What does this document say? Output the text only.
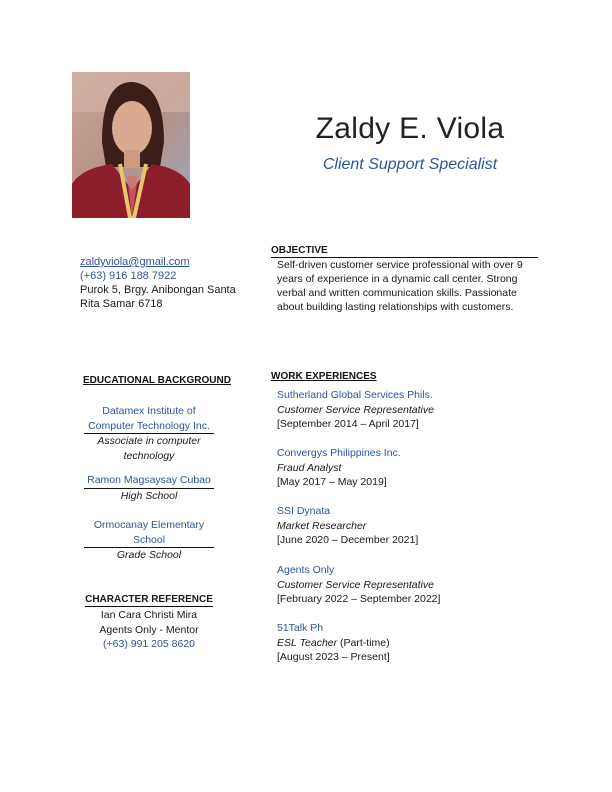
Zaldy E. Viola
Client Support Specialist
zaldyviola@gmail.com
(+63) 916 188 7922
Purok 5, Brgy. Anibongan Santa
Rita Samar 6718
OBJECTIVE
Self-driven customer service professional with over 9 years of experience in a dynamic call center. Strong verbal and written communication skills. Passionate about building lasting relationships with customers.
EDUCATIONAL BACKGROUND
Datamex Institute of Computer Technology Inc.
Associate in computer technology
Ramon Magsaysay Cubao
High School
Ormocanay Elementary School
Grade School
CHARACTER REFERENCE
Ian Cara Christi Mira
Agents Only - Mentor
(+63) 991 205 8620
WORK EXPERIENCES
Sutherland Global Services Phils.
Customer Service Representative
[September 2014 – April 2017]
Convergys Philippines Inc.
Fraud Analyst
[May 2017 – May 2019]
SSI Dynata
Market Researcher
[June 2020 – December 2021]
Agents Only
Customer Service Representative
[February 2022 – September 2022]
51Talk Ph
ESL Teacher (Part-time)
[August 2023 – Present]
